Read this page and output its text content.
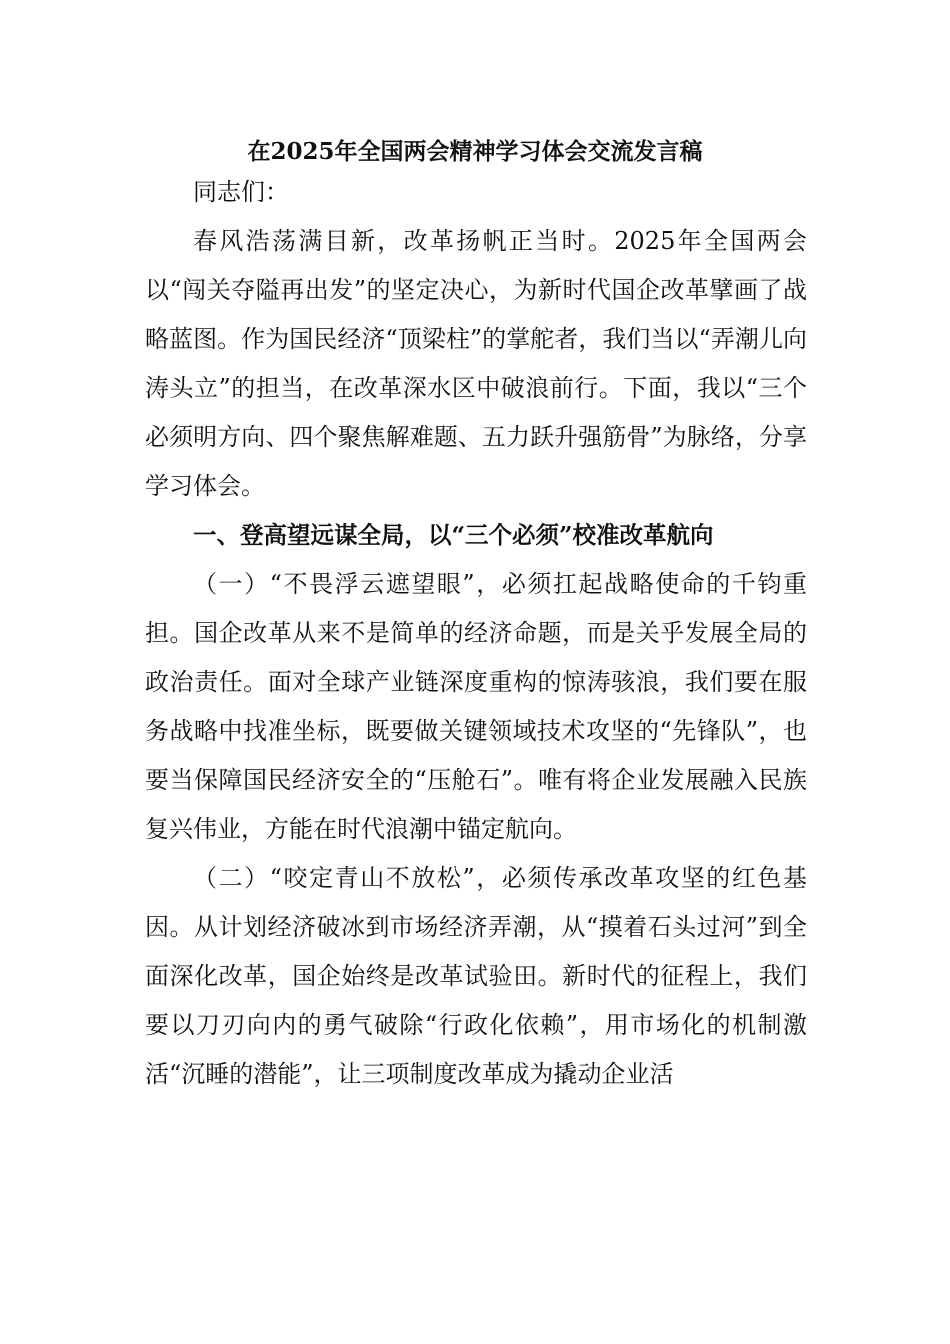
在2025年全国两会精神学习体会交流发言稿

同志们：

春风浩荡满目新，改革扬帆正当时。2025年全国两会以“闯关夺隘再出发”的坚定决心，为新时代国企改革擘画了战略蓝图。作为国民经济“顶梁柱”的掌舵者，我们当以“弄潮儿向涛头立”的担当，在改革深水区中破浪前行。下面，我以“三个必须明方向、四个聚焦解难题、五力跃升强筋骨”为脉络，分享学习体会。

一、登高望远谋全局，以“三个必须”校准改革航向

（一）“不畏浮云遮望眼”，必须扛起战略使命的千钧重担。国企改革从来不是简单的经济命题，而是关乎发展全局的政治责任。面对全球产业链深度重构的惊涛骇浪，我们要在服务战略中找准坐标，既要做关键领域技术攻坚的“先锋队”，也要当保障国民经济安全的“压舱石”。唯有将企业发展融入民族复兴伟业，方能在时代浪潮中锚定航向。

（二）“咬定青山不放松”，必须传承改革攻坚的红色基因。从计划经济破冰到市场经济弄潮，从“摸着石头过河”到全面深化改革，国企始终是改革试验田。新时代的征程上，我们要以刀刃向内的勇气破除“行政化依赖”，用市场化的机制激活“沉睡的潜能”，让三项制度改革成为撬动企业活
